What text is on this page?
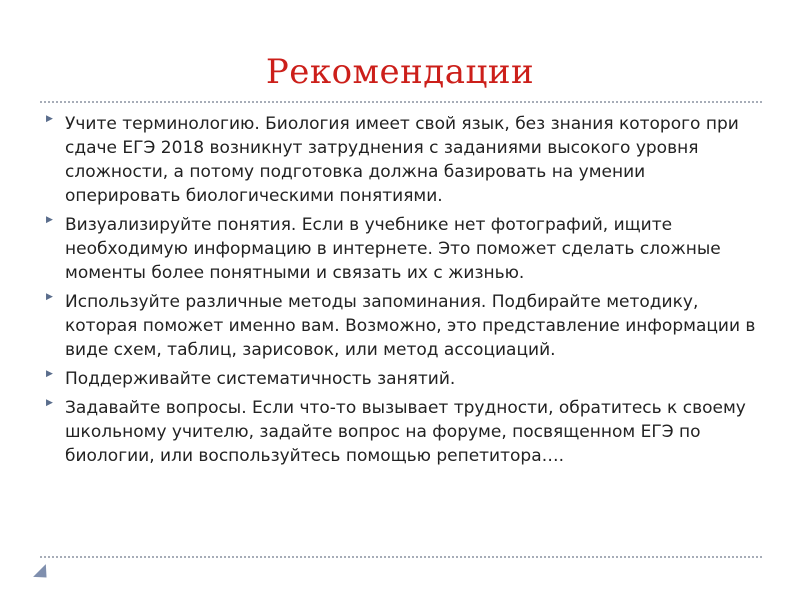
Рекомендации
▶ Учите терминологию. Биология имеет свой язык, без знания которого при сдаче ЕГЭ 2018 возникнут затруднения с заданиями высокого уровня сложности, а потому подготовка должна базировать на умении оперировать биологическими понятиями.
▶ Визуализируйте понятия. Если в учебнике нет фотографий, ищите необходимую информацию в интернете. Это поможет сделать сложные моменты более понятными и связать их с жизнью.
▶ Используйте различные методы запоминания. Подбирайте методику, которая поможет именно вам. Возможно, это представление информации в виде схем, таблиц, зарисовок, или метод ассоциаций.
▶ Поддерживайте систематичность занятий.
▶ Задавайте вопросы. Если что-то вызывает трудности, обратитесь к своему школьному учителю, задайте вопрос на форуме, посвященном ЕГЭ по биологии, или воспользуйтесь помощью репетитора….
